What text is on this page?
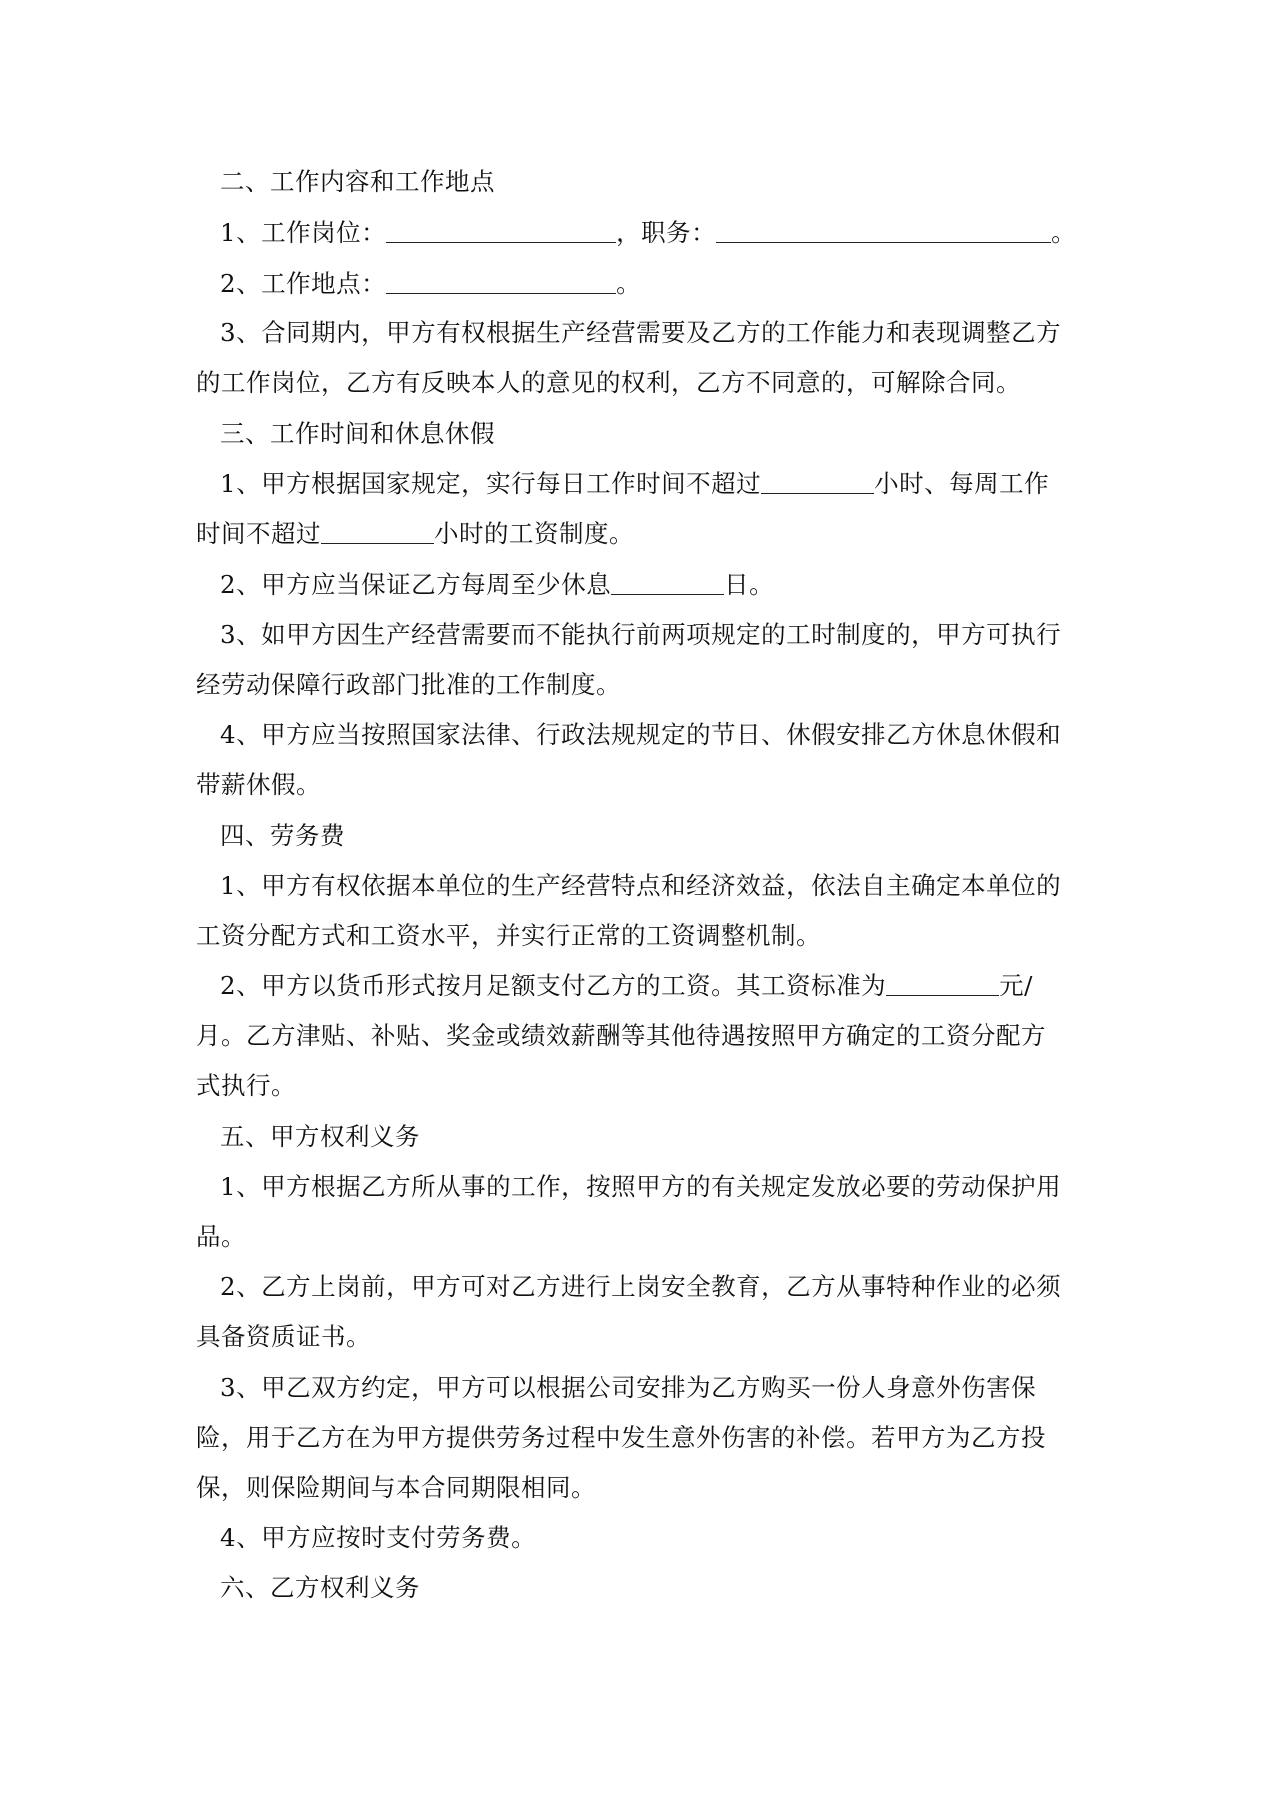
二、工作内容和工作地点
1、工作岗位：	，职务：	。
2、工作地点：	。
3、合同期内，甲方有权根据生产经营需要及乙方的工作能力和表现调整乙方
的工作岗位，乙方有反映本人的意见的权利，乙方不同意的，可解除合同。
三、工作时间和休息休假
1、甲方根据国家规定，实行每日工作时间不超过	小时、每周工作
时间不超过	小时的工资制度。
2、甲方应当保证乙方每周至少休息	日。
3、如甲方因生产经营需要而不能执行前两项规定的工时制度的，甲方可执行
经劳动保障行政部门批准的工作制度。
4、甲方应当按照国家法律、行政法规规定的节日、休假安排乙方休息休假和
带薪休假。
四、劳务费
1、甲方有权依据本单位的生产经营特点和经济效益，依法自主确定本单位的
工资分配方式和工资水平，并实行正常的工资调整机制。
2、甲方以货币形式按月足额支付乙方的工资。其工资标准为	元/
月。乙方津贴、补贴、奖金或绩效薪酬等其他待遇按照甲方确定的工资分配方
式执行。
五、甲方权利义务
1、甲方根据乙方所从事的工作，按照甲方的有关规定发放必要的劳动保护用
品。
2、乙方上岗前，甲方可对乙方进行上岗安全教育，乙方从事特种作业的必须
具备资质证书。
3、甲乙双方约定，甲方可以根据公司安排为乙方购买一份人身意外伤害保
险，用于乙方在为甲方提供劳务过程中发生意外伤害的补偿。若甲方为乙方投
保，则保险期间与本合同期限相同。
4、甲方应按时支付劳务费。
六、乙方权利义务
